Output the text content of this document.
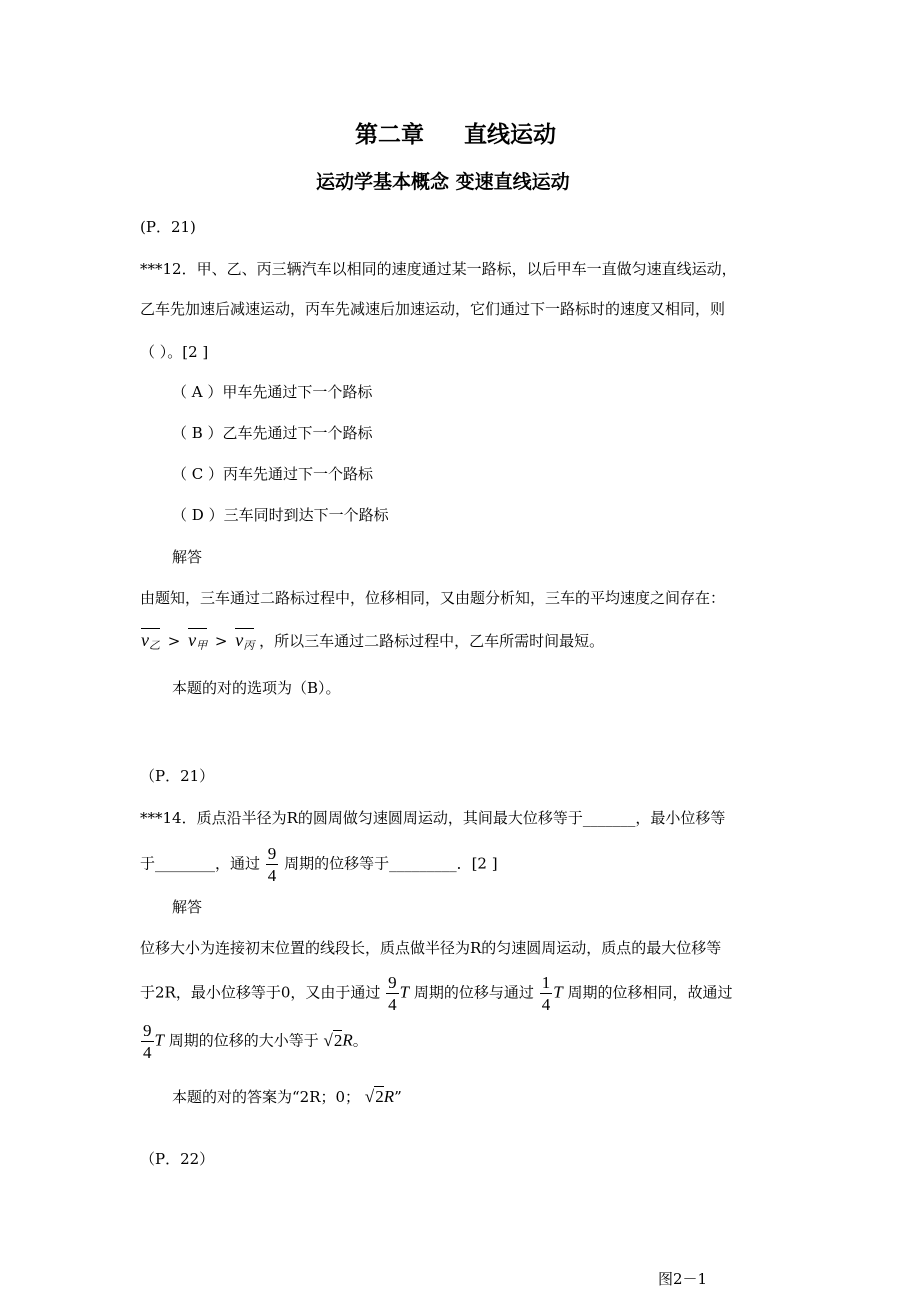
第二章 直线运动
运动学基本概念 变速直线运动
(P．21)
***12．甲、乙、丙三辆汽车以相同的速度通过某一路标，以后甲车一直做匀速直线运动，
乙车先加速后减速运动，丙车先减速后加速运动，它们通过下一路标时的速度又相同，则
（ ）。[2 ]
（ A ）甲车先通过下一个路标
（ B ）乙车先通过下一个路标
（ C ）丙车先通过下一个路标
（ D ）三车同时到达下一个路标
解答
由题知，三车通过二路标过程中，位移相同，又由题分析知，三车的平均速度之间存在：
$v_乙 > v_甲 > v_丙$ ，所以三车通过二路标过程中，乙车所需时间最短。
本题的对的选项为（B）。
（P．21）
***14．质点沿半径为R的圆周做匀速圆周运动，其间最大位移等于_______，最小位移等
于________，通过 $\frac{9}{4}$ 周期的位移等于_________．[2 ]
解答
位移大小为连接初末位置的线段长，质点做半径为R的匀速圆周运动，质点的最大位移等
于2R，最小位移等于0，又由于通过 $\frac{9}{4}$ T 周期的位移与通过 $\frac{1}{4}$ T 周期的位移相同，故通过
$\frac{9}{4}$ T 周期的位移的大小等于 √2R。
本题的对的答案为“2R；0； √2R”
（P．22）
图2－1
